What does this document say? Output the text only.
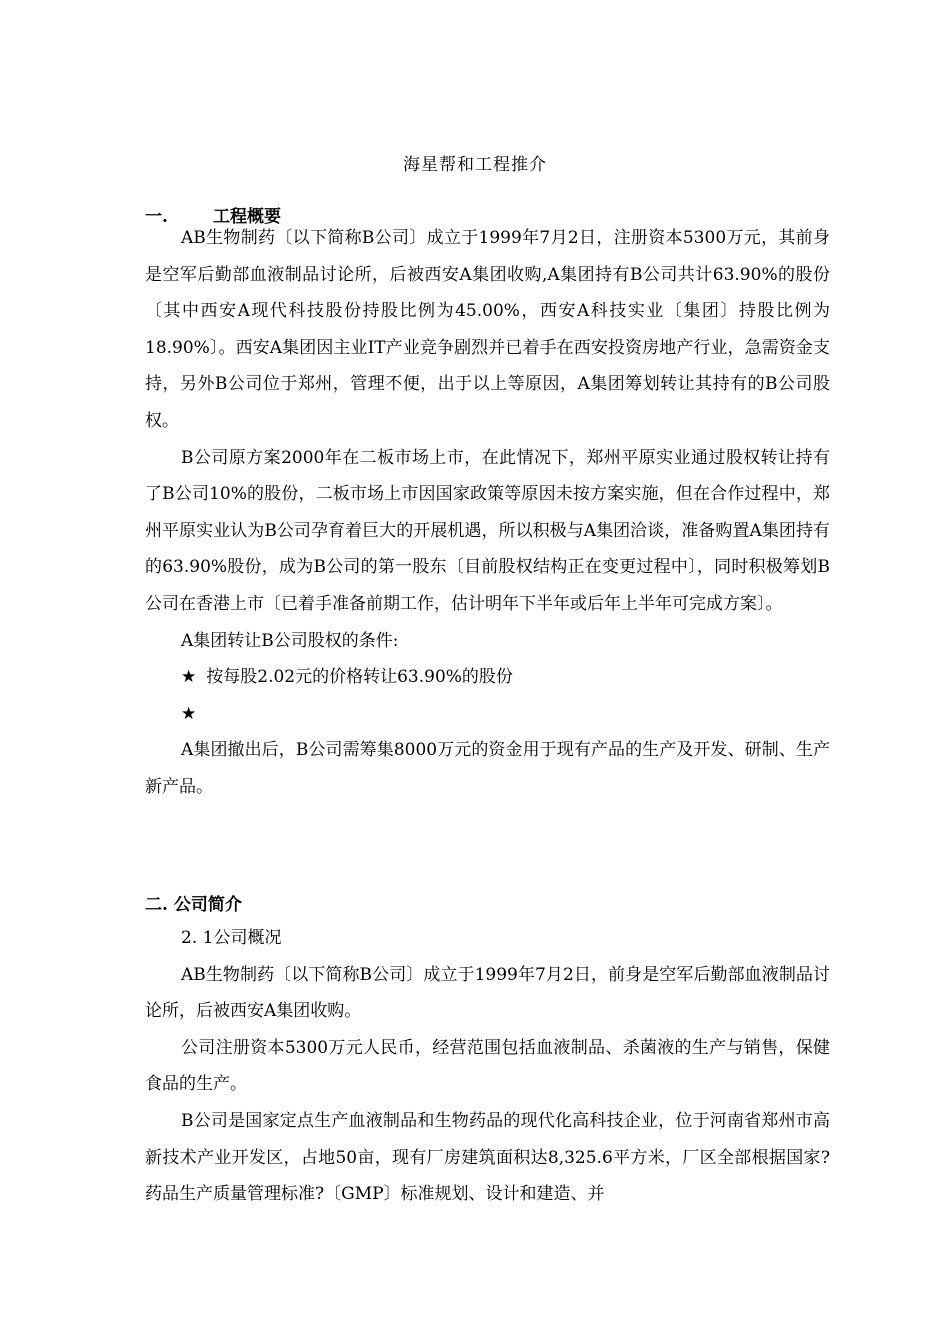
海星帮和工程推介
一.	工程概要

AB生物制药〔以下简称B公司〕成立于1999年7月2日，注册资本5300万元，其前身是空军后勤部血液制品讨论所，后被西安A集团收购,A集团持有B公司共计63.90%的股份〔其中西安A现代科技股份持股比例为45.00%，西安A科技实业〔集团〕持股比例为18.90%〕。西安A集团因主业IT产业竞争剧烈并已着手在西安投资房地产行业，急需资金支持，另外B公司位于郑州，管理不便，出于以上等原因，A集团筹划转让其持有的B公司股权。

B公司原方案2000年在二板市场上市，在此情况下，郑州平原实业通过股权转让持有了B公司10%的股份，二板市场上市因国家政策等原因未按方案实施，但在合作过程中，郑州平原实业认为B公司孕育着巨大的开展机遇，所以积极与A集团洽谈，准备购置A集团持有的63.90%股份，成为B公司的第一股东〔目前股权结构正在变更过程中〕，同时积极筹划B公司在香港上市〔已着手准备前期工作，估计明年下半年或后年上半年可完成方案〕。

A集团转让B公司股权的条件:

★ 按每股2.02元的价格转让63.90%的股份

★

A集团撤出后，B公司需筹集8000万元的资金用于现有产品的生产及开发、研制、生产新产品。

二. 公司简介

2. 1公司概况

AB生物制药〔以下简称B公司〕成立于1999年7月2日，前身是空军后勤部血液制品讨论所，后被西安A集团收购。

公司注册资本5300万元人民币，经营范围包括血液制品、杀菌液的生产与销售，保健食品的生产。

B公司是国家定点生产血液制品和生物药品的现代化高科技企业，位于河南省郑州市高新技术产业开发区，占地50亩，现有厂房建筑面积达8,325.6平方米，厂区全部根据国家?药品生产质量管理标准?〔GMP〕标准规划、设计和建造、并
